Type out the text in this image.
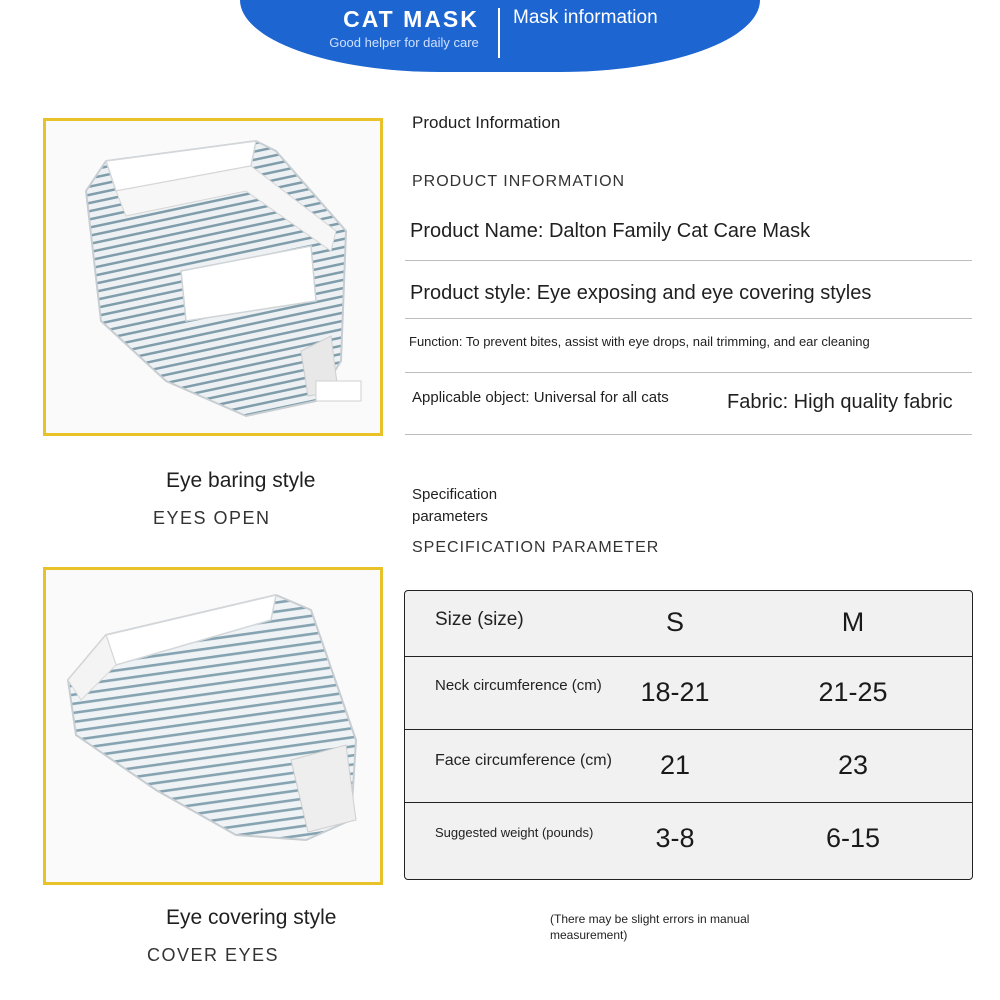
CAT MASK
Good helper for daily care
Mask information
Eye baring style
EYES OPEN
Eye covering style
COVER EYES
Product Information
PRODUCT INFORMATION
Product Name: Dalton Family Cat Care Mask
Product style: Eye exposing and eye covering styles
Function: To prevent bites, assist with eye drops, nail trimming, and ear cleaning
Applicable object: Universal for all cats	Fabric: High quality fabric
Specification
parameters
SPECIFICATION PARAMETER
Size (size)	S	M
Neck circumference (cm)	18-21	21-25
Face circumference (cm)	21	23
Suggested weight (pounds)	3-8	6-15
(There may be slight errors in manual measurement)
